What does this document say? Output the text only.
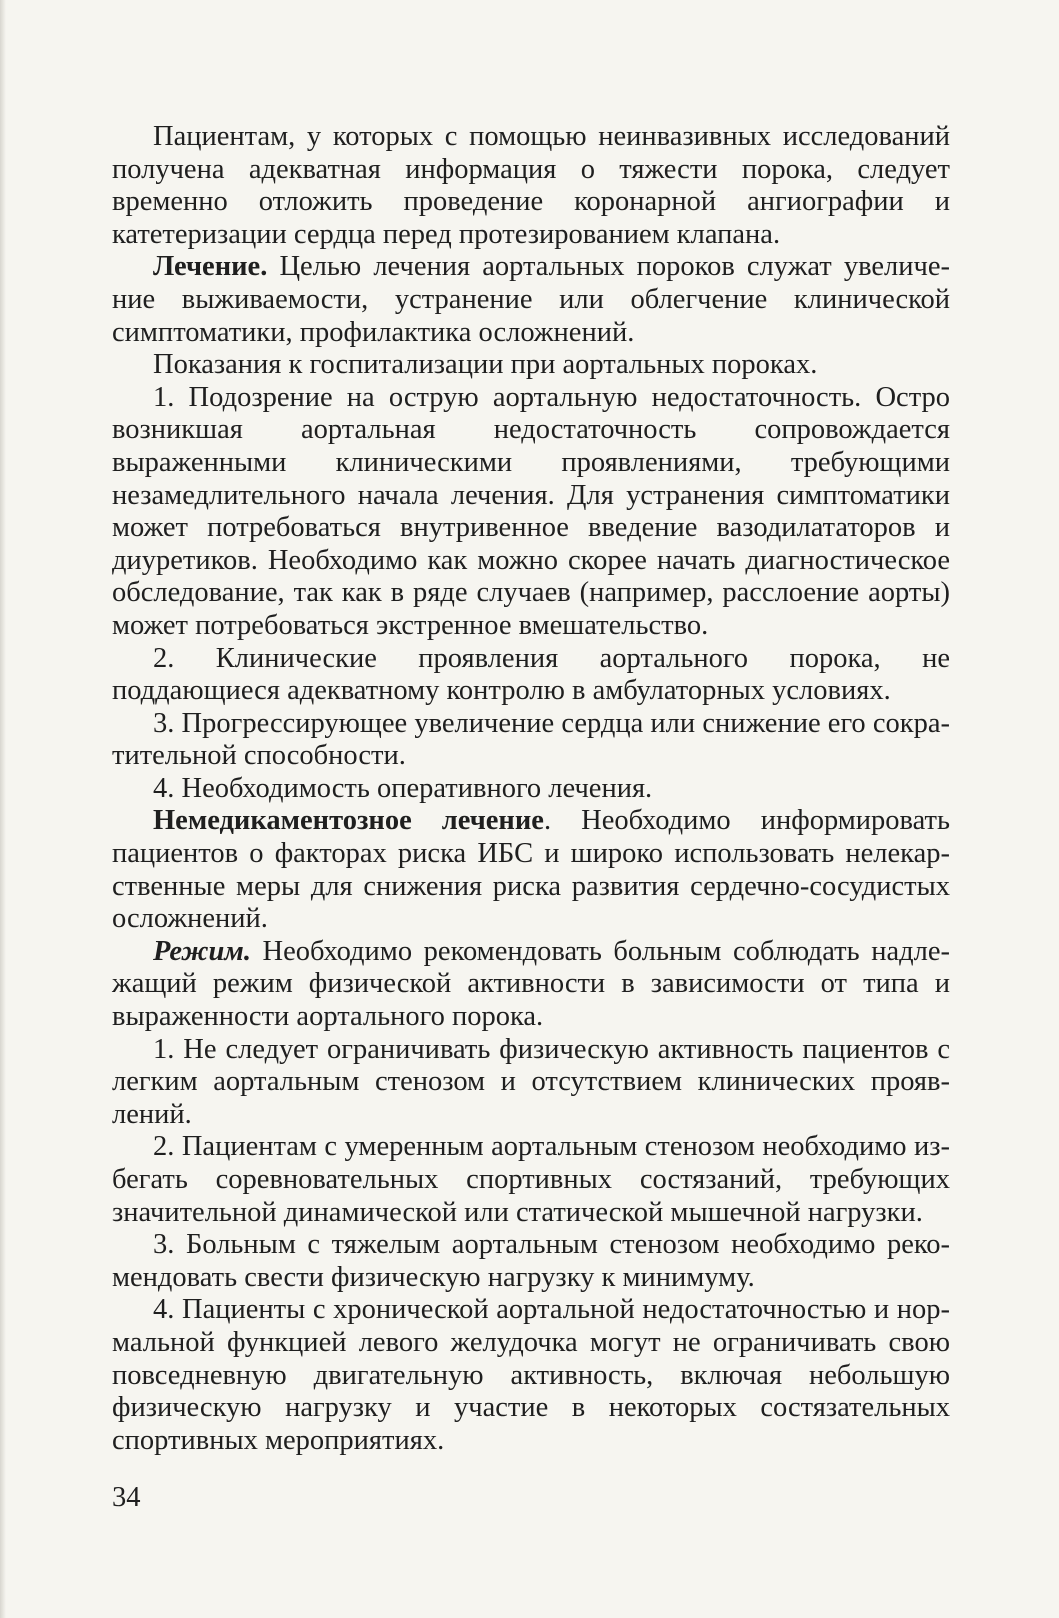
Пациентам, у которых с помощью неинвазивных исследований получена адекватная информация о тяжести порока, следует временно отложить проведение коронарной ангиографии и катетеризации сердца перед протезированием клапана.

Лечение. Целью лечения аортальных пороков служат увеличение выживаемости, устранение или облегчение клинической симптоматики, профилактика осложнений.

Показания к госпитализации при аортальных пороках.

1. Подозрение на острую аортальную недостаточность. Остро возникшая аортальная недостаточность сопровождается выраженными клиническими проявлениями, требующими незамедлительного начала лечения. Для устранения симптоматики может потребоваться внутривенное введение вазодилататоров и диуретиков. Необходимо как можно скорее начать диагностическое обследование, так как в ряде случаев (например, расслоение аорты) может потребоваться экстренное вмешательство.

2. Клинические проявления аортального порока, не поддающиеся адекватному контролю в амбулаторных условиях.

3. Прогрессирующее увеличение сердца или снижение его сократительной способности.

4. Необходимость оперативного лечения.

Немедикаментозное лечение. Необходимо информировать пациентов о факторах риска ИБС и широко использовать нелекарственные меры для снижения риска развития сердечно-сосудистых осложнений.

Режим. Необходимо рекомендовать больным соблюдать надлежащий режим физической активности в зависимости от типа и выраженности аортального порока.

1. Не следует ограничивать физическую активность пациентов с легким аортальным стенозом и отсутствием клинических проявлений.

2. Пациентам с умеренным аортальным стенозом необходимо избегать соревновательных спортивных состязаний, требующих значительной динамической или статической мышечной нагрузки.

3. Больным с тяжелым аортальным стенозом необходимо рекомендовать свести физическую нагрузку к минимуму.

4. Пациенты с хронической аортальной недостаточностью и нормальной функцией левого желудочка могут не ограничивать свою повседневную двигательную активность, включая небольшую физическую нагрузку и участие в некоторых состязательных спортивных мероприятиях.

34
